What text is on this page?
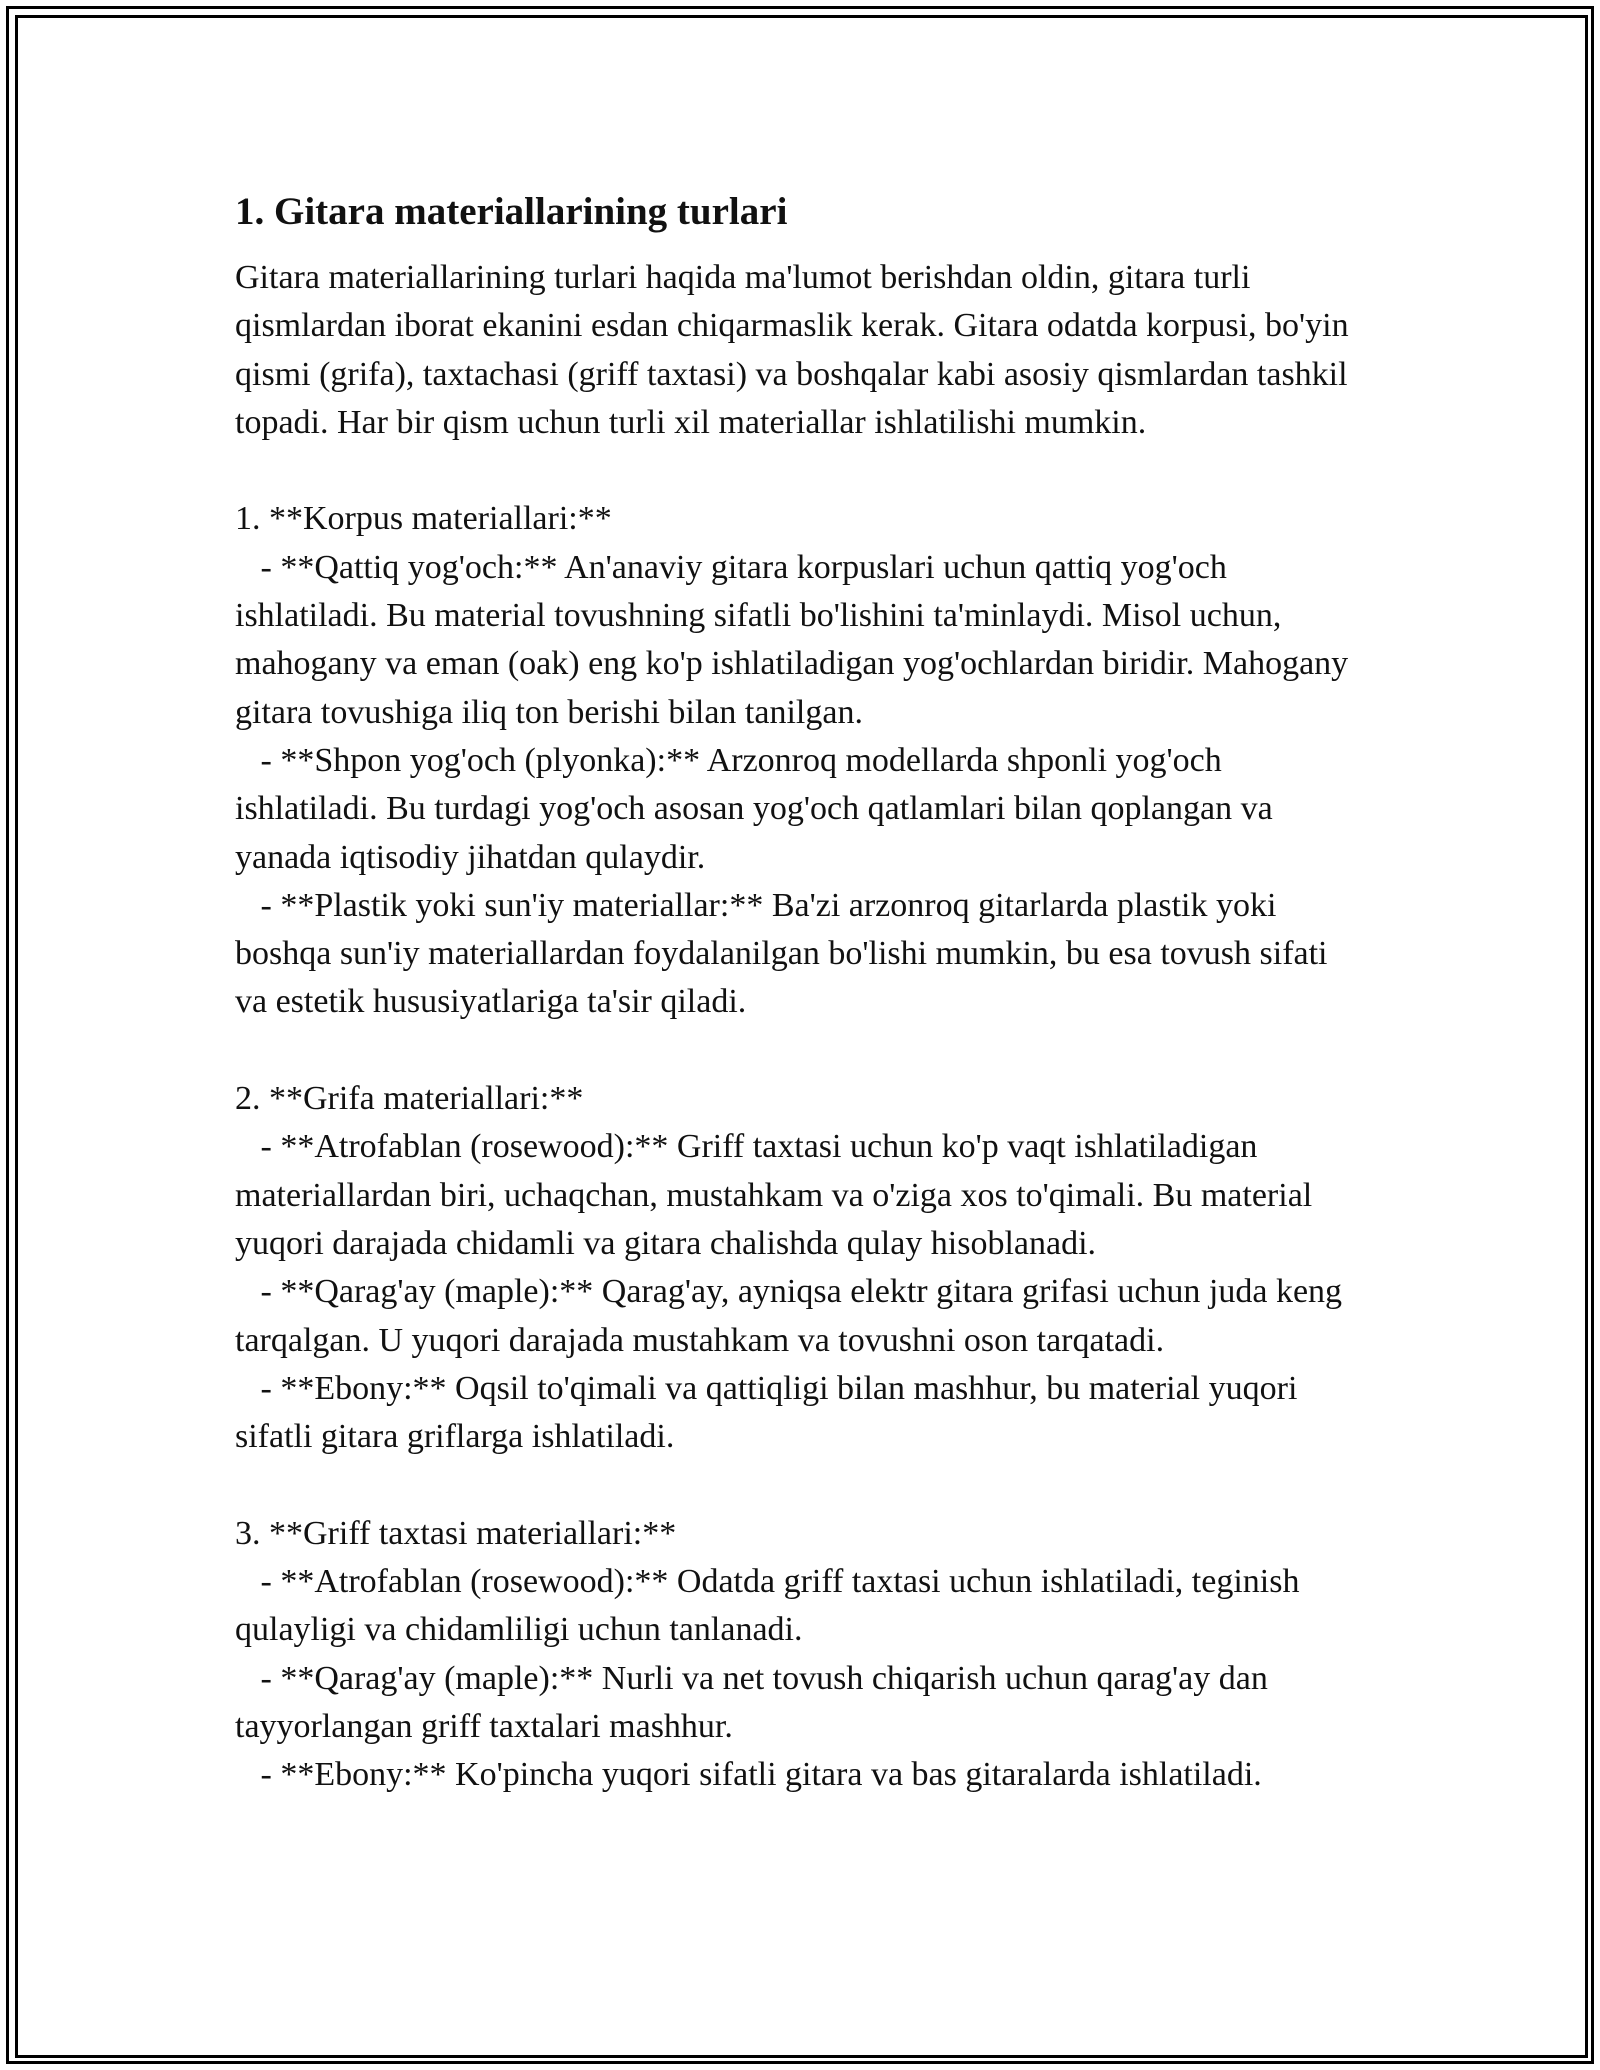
1. Gitara materiallarining turlari

Gitara materiallarining turlari haqida ma'lumot berishdan oldin, gitara turli qismlardan iborat ekanini esdan chiqarmaslik kerak. Gitara odatda korpusi, bo'yin qismi (grifa), taxtachasi (griff taxtasi) va boshqalar kabi asosiy qismlardan tashkil topadi. Har bir qism uchun turli xil materiallar ishlatilishi mumkin.

1. **Korpus materiallari:**

- **Qattiq yog'och:** An'anaviy gitara korpuslari uchun qattiq yog'och ishlatiladi. Bu material tovushning sifatli bo'lishini ta'minlaydi. Misol uchun, mahogany va eman (oak) eng ko'p ishlatiladigan yog'ochlardan biridir. Mahogany gitara tovushiga iliq ton berishi bilan tanilgan.

- **Shpon yog'och (plyonka):** Arzonroq modellarda shponli yog'och ishlatiladi. Bu turdagi yog'och asosan yog'och qatlamlari bilan qoplangan va yanada iqtisodiy jihatdan qulaydir.

- **Plastik yoki sun'iy materiallar:** Ba'zi arzonroq gitarlarda plastik yoki boshqa sun'iy materiallardan foydalanilgan bo'lishi mumkin, bu esa tovush sifati va estetik hususiyatlariga ta'sir qiladi.

2. **Grifa materiallari:**

- **Atrofablan (rosewood):** Griff taxtasi uchun ko'p vaqt ishlatiladigan materiallardan biri, uchaqchan, mustahkam va o'ziga xos to'qimali. Bu material yuqori darajada chidamli va gitara chalishda qulay hisoblanadi.

- **Qarag'ay (maple):** Qarag'ay, ayniqsa elektr gitara grifasi uchun juda keng tarqalgan. U yuqori darajada mustahkam va tovushni oson tarqatadi.

- **Ebony:** Oqsil to'qimali va qattiqligi bilan mashhur, bu material yuqori sifatli gitara griflarga ishlatiladi.

3. **Griff taxtasi materiallari:**

- **Atrofablan (rosewood):** Odatda griff taxtasi uchun ishlatiladi, teginish qulayligi va chidamliligi uchun tanlanadi.

- **Qarag'ay (maple):** Nurli va net tovush chiqarish uchun qarag'ay dan tayyorlangan griff taxtalari mashhur.

- **Ebony:** Ko'pincha yuqori sifatli gitara va bas gitaralarda ishlatiladi.
